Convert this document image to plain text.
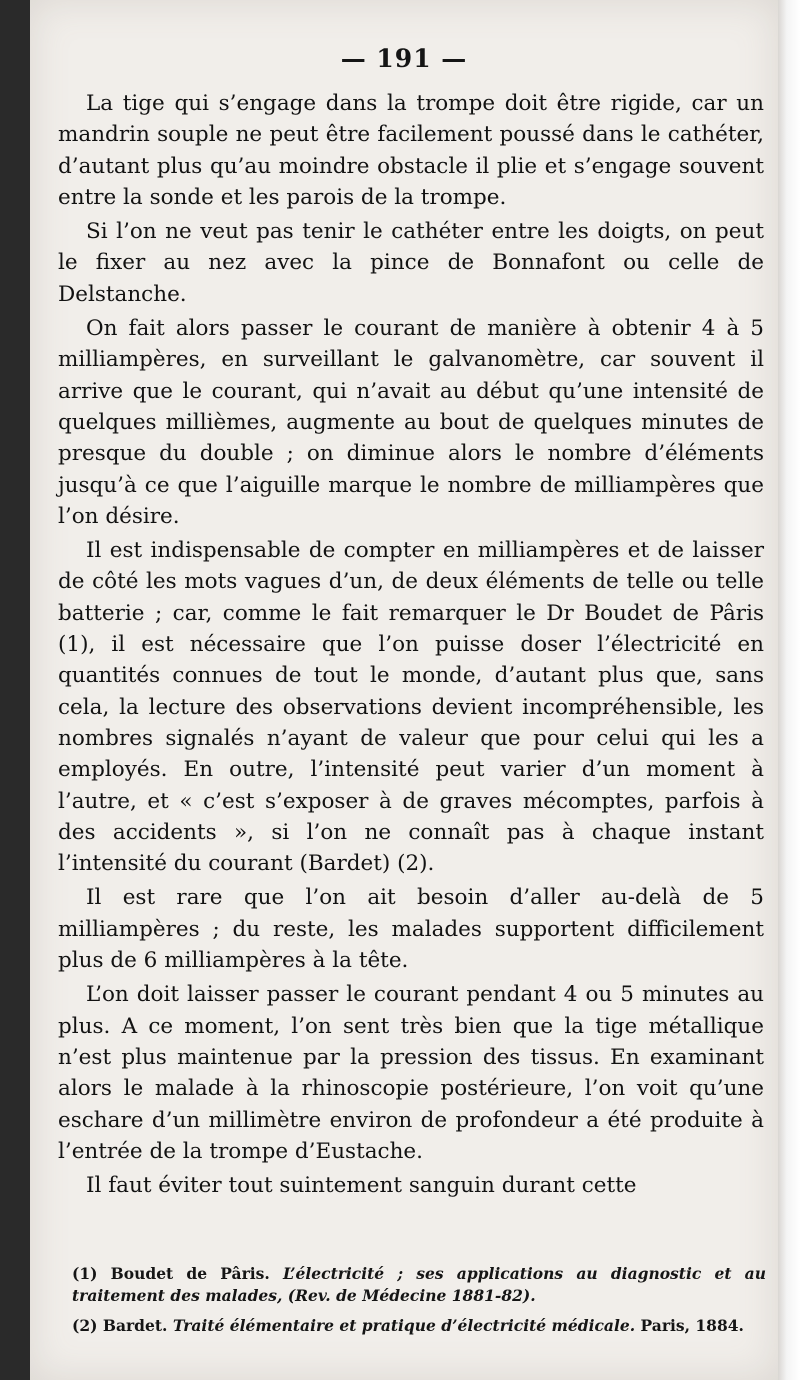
— 191 —

La tige qui s’engage dans la trompe doit être rigide, car un mandrin souple ne peut être facilement poussé dans le cathéter, d’autant plus qu’au moindre obstacle il plie et s’engage souvent entre la sonde et les parois de la trompe.

Si l’on ne veut pas tenir le cathéter entre les doigts, on peut le fixer au nez avec la pince de Bonnafont ou celle de Delstanche.

On fait alors passer le courant de manière à obtenir 4 à 5 milliampères, en surveillant le galvanomètre, car souvent il arrive que le courant, qui n’avait au début qu’une intensité de quelques millièmes, augmente au bout de quelques minutes de presque du double ; on diminue alors le nombre d’éléments jusqu’à ce que l’aiguille marque le nombre de milliampères que l’on désire.

Il est indispensable de compter en milliampères et de laisser de côté les mots vagues d’un, de deux éléments de telle ou telle batterie ; car, comme le fait remarquer le Dr Boudet de Pâris (1), il est nécessaire que l’on puisse doser l’électricité en quantités connues de tout le monde, d’autant plus que, sans cela, la lecture des observations devient incompréhensible, les nombres signalés n’ayant de valeur que pour celui qui les a employés. En outre, l’intensité peut varier d’un moment à l’autre, et « c’est s’exposer à de graves mécomptes, parfois à des accidents », si l’on ne connaît pas à chaque instant l’intensité du courant (Bardet) (2).

Il est rare que l’on ait besoin d’aller au-delà de 5 milliampères ; du reste, les malades supportent difficilement plus de 6 milliampères à la tête.

L’on doit laisser passer le courant pendant 4 ou 5 minutes au plus. A ce moment, l’on sent très bien que la tige métallique n’est plus maintenue par la pression des tissus. En examinant alors le malade à la rhinoscopie postérieure, l’on voit qu’une eschare d’un millimètre environ de profondeur a été produite à l’entrée de la trompe d’Eustache.

Il faut éviter tout suintement sanguin durant cette

(1) Boudet de Pâris. L’électricité ; ses applications au diagnostic et au traitement des malades, (Rev. de Médecine 1881-82).

(2) Bardet. Traité élémentaire et pratique d’électricité médicale. Paris, 1884.
